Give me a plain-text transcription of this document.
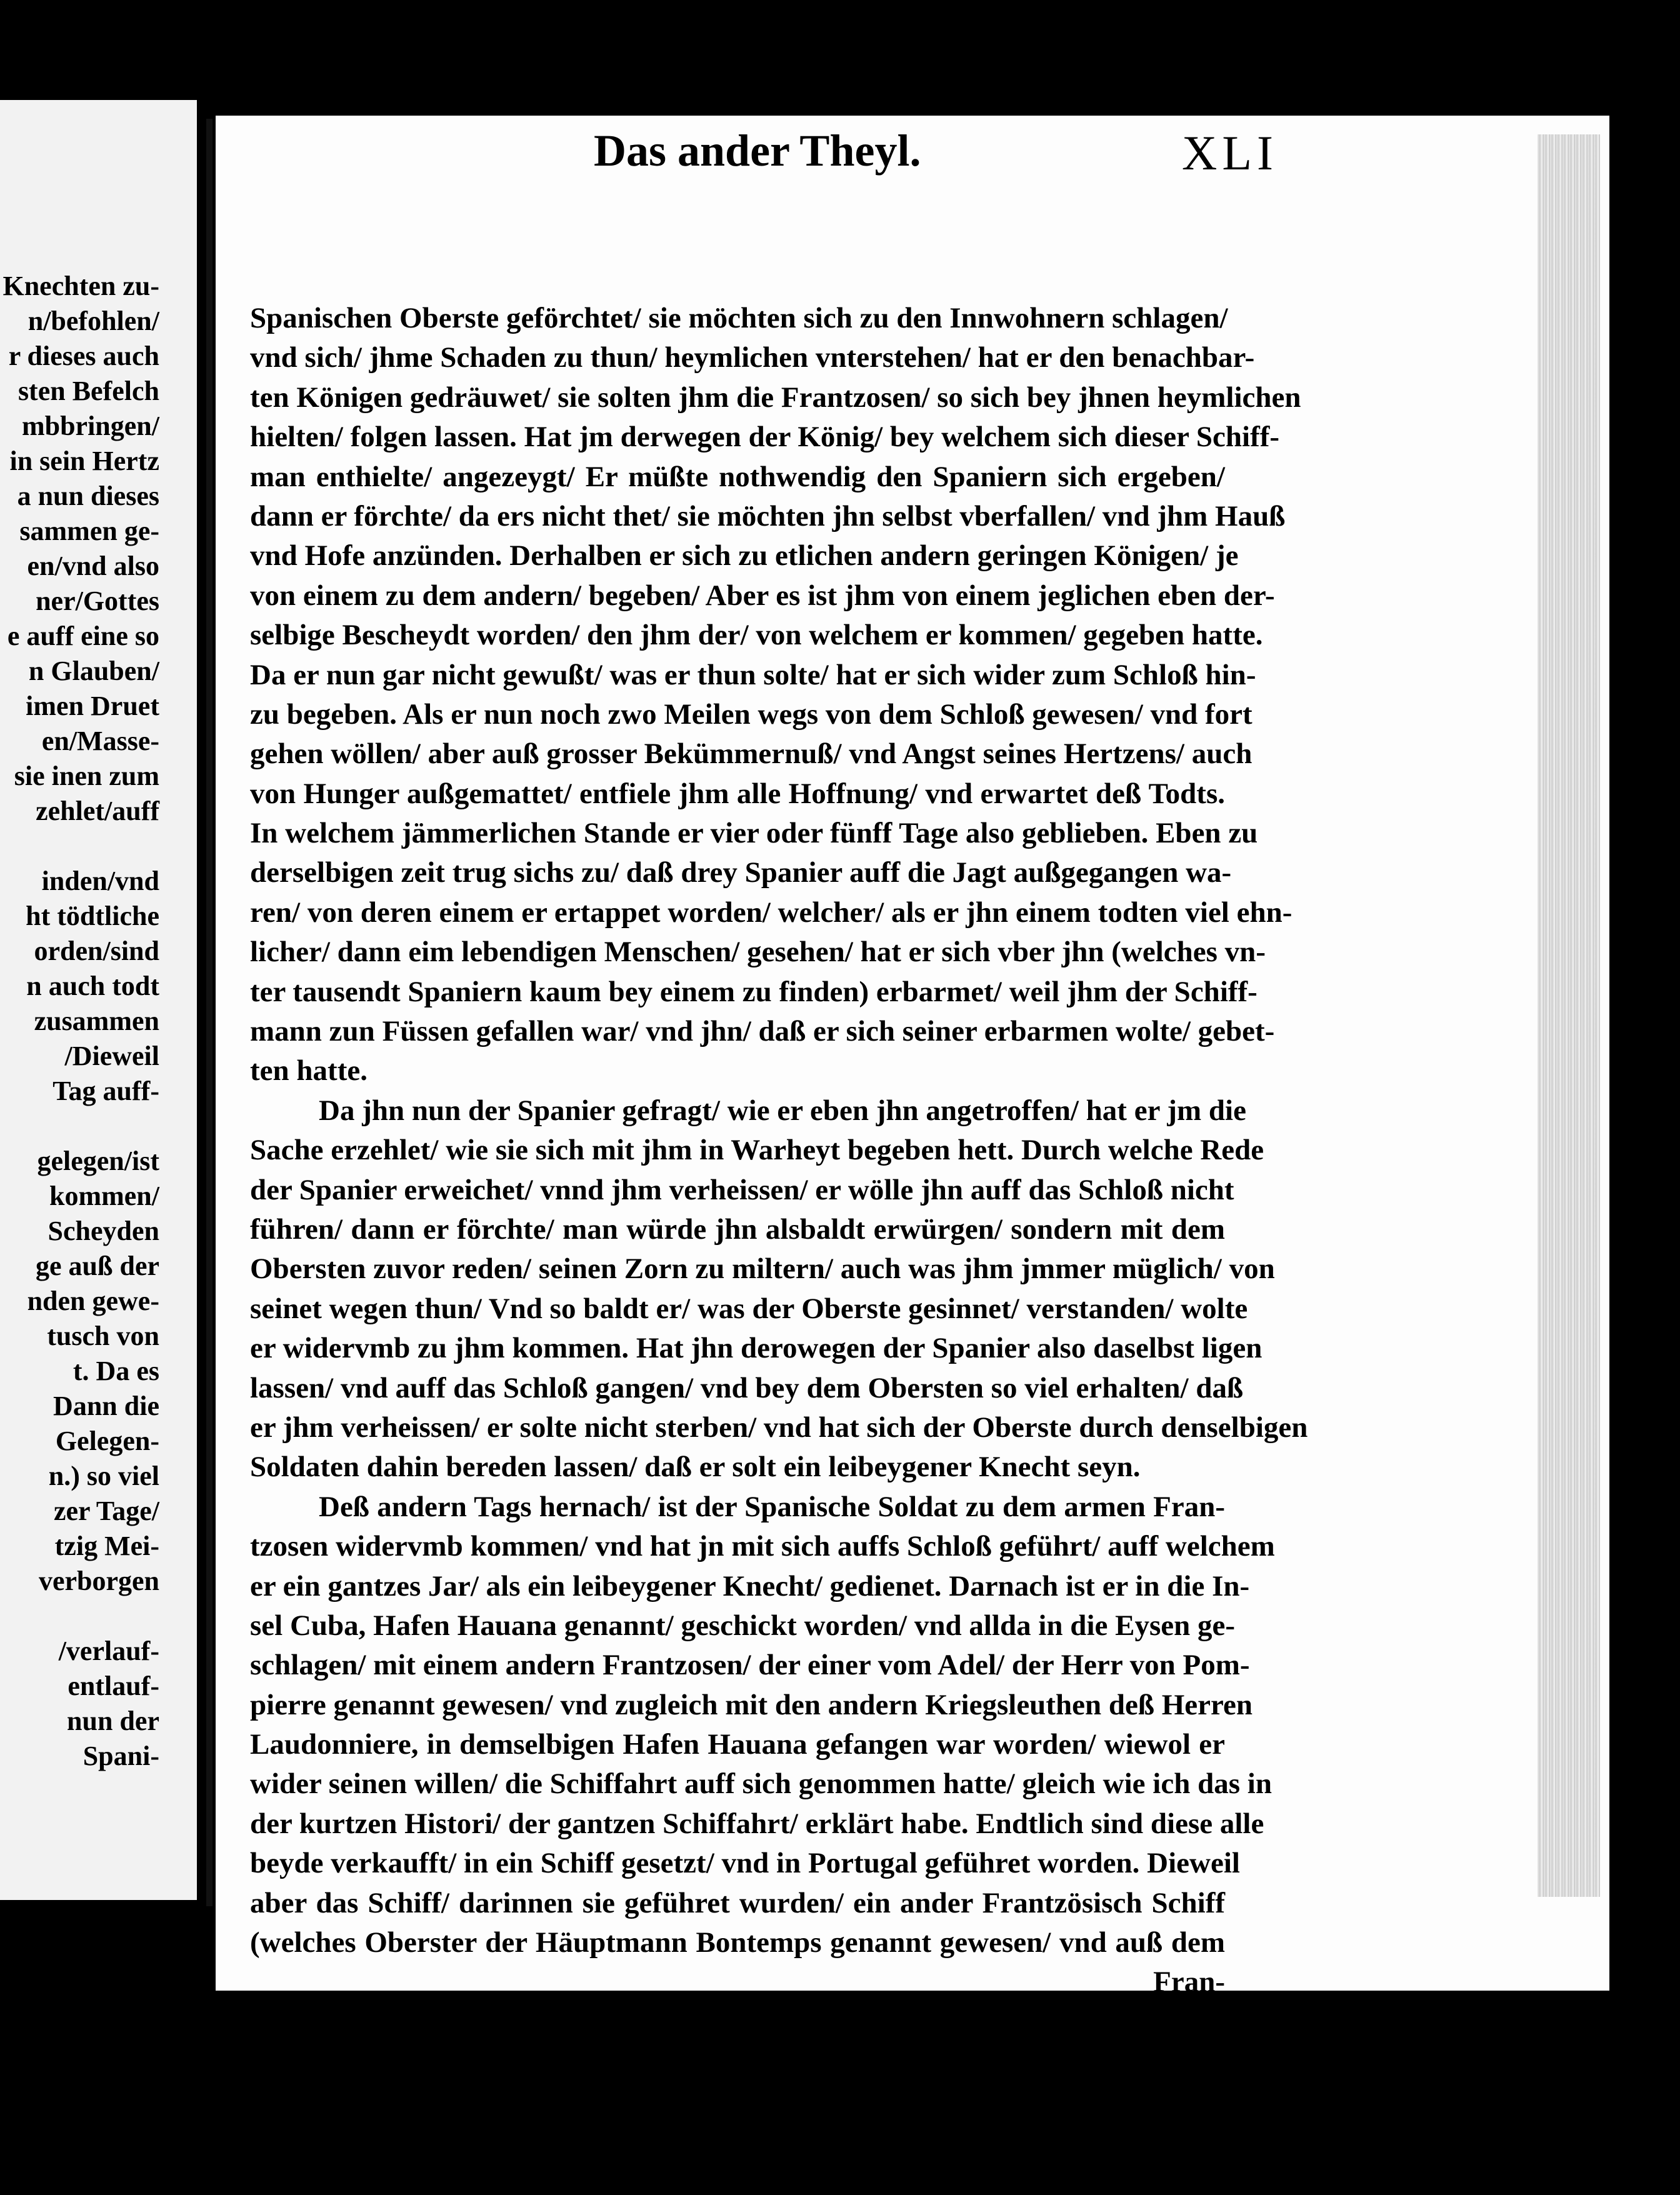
Knechten zu-
n/befohlen/
r dieses auch
sten Befelch
mbbringen/
in sein Hertz
a nun dieses
sammen ge-
en/vnd also
ner/Gottes
e auff eine so
n Glauben/
imen Druet
en/Masse-
sie inen zum
zehlet/auff

inden/vnd
ht tödtliche
orden/sind
n auch todt
zusammen
/Dieweil
Tag auff-

gelegen/ist
kommen/
Scheyden
ge auß der
nden gewe-
tusch von
t. Da es
Dann die
Gelegen-
n.) so viel
zer Tage/
tzig Mei-
verborgen

/verlauf-
entlauf-
nun der
Spani-
Das ander Theyl.	XLI
Spanischen Oberste geförchtet/ sie möchten sich zu den Innwohnern schlagen/
vnd sich/ jhme Schaden zu thun/ heymlichen vnterstehen/ hat er den benachbar-
ten Königen gedräuwet/ sie solten jhm die Frantzosen/ so sich bey jhnen heymlichen
hielten/ folgen lassen. Hat jm derwegen der König/ bey welchem sich dieser Schiff-
man enthielte/ angezeygt/ Er müßte nothwendig den Spaniern sich ergeben/
dann er förchte/ da ers nicht thet/ sie möchten jhn selbst vberfallen/ vnd jhm Hauß
vnd Hofe anzünden. Derhalben er sich zu etlichen andern geringen Königen/ je
von einem zu dem andern/ begeben/ Aber es ist jhm von einem jeglichen eben der-
selbige Bescheydt worden/ den jhm der/ von welchem er kommen/ gegeben hatte.
Da er nun gar nicht gewußt/ was er thun solte/ hat er sich wider zum Schloß hin-
zu begeben. Als er nun noch zwo Meilen wegs von dem Schloß gewesen/ vnd fort
gehen wöllen/ aber auß grosser Bekümmernuß/ vnd Angst seines Hertzens/ auch
von Hunger außgemattet/ entfiele jhm alle Hoffnung/ vnd erwartet deß Todts.
In welchem jämmerlichen Stande er vier oder fünff Tage also geblieben. Eben zu
derselbigen zeit trug sichs zu/ daß drey Spanier auff die Jagt außgegangen wa-
ren/ von deren einem er ertappet worden/ welcher/ als er jhn einem todten viel ehn-
licher/ dann eim lebendigen Menschen/ gesehen/ hat er sich vber jhn (welches vn-
ter tausendt Spaniern kaum bey einem zu finden) erbarmet/ weil jhm der Schiff-
mann zun Füssen gefallen war/ vnd jhn/ daß er sich seiner erbarmen wolte/ gebet-
ten hatte.
Da jhn nun der Spanier gefragt/ wie er eben jhn angetroffen/ hat er jm die
Sache erzehlet/ wie sie sich mit jhm in Warheyt begeben hett. Durch welche Rede
der Spanier erweichet/ vnnd jhm verheissen/ er wölle jhn auff das Schloß nicht
führen/ dann er förchte/ man würde jhn alsbaldt erwürgen/ sondern mit dem
Obersten zuvor reden/ seinen Zorn zu miltern/ auch was jhm jmmer müglich/ von
seinet wegen thun/ Vnd so baldt er/ was der Oberste gesinnet/ verstanden/ wolte
er widervmb zu jhm kommen. Hat jhn derowegen der Spanier also daselbst ligen
lassen/ vnd auff das Schloß gangen/ vnd bey dem Obersten so viel erhalten/ daß
er jhm verheissen/ er solte nicht sterben/ vnd hat sich der Oberste durch denselbigen
Soldaten dahin bereden lassen/ daß er solt ein leibeygener Knecht seyn.
Deß andern Tags hernach/ ist der Spanische Soldat zu dem armen Fran-
tzosen widervmb kommen/ vnd hat jn mit sich auffs Schloß geführt/ auff welchem
er ein gantzes Jar/ als ein leibeygener Knecht/ gedienet. Darnach ist er in die In-
sel Cuba, Hafen Hauana genannt/ geschickt worden/ vnd allda in die Eysen ge-
schlagen/ mit einem andern Frantzosen/ der einer vom Adel/ der Herr von Pom-
pierre genannt gewesen/ vnd zugleich mit den andern Kriegsleuthen deß Herren
Laudonniere, in demselbigen Hafen Hauana gefangen war worden/ wiewol er
wider seinen willen/ die Schiffahrt auff sich genommen hatte/ gleich wie ich das in
der kurtzen Histori/ der gantzen Schiffahrt/ erklärt habe. Endtlich sind diese alle
beyde verkaufft/ in ein Schiff gesetzt/ vnd in Portugal geführet worden. Dieweil
aber das Schiff/ darinnen sie geführet wurden/ ein ander Frantzösisch Schiff
(welches Oberster der Häuptmann Bontemps genannt gewesen/ vnd auß dem
Fran-
